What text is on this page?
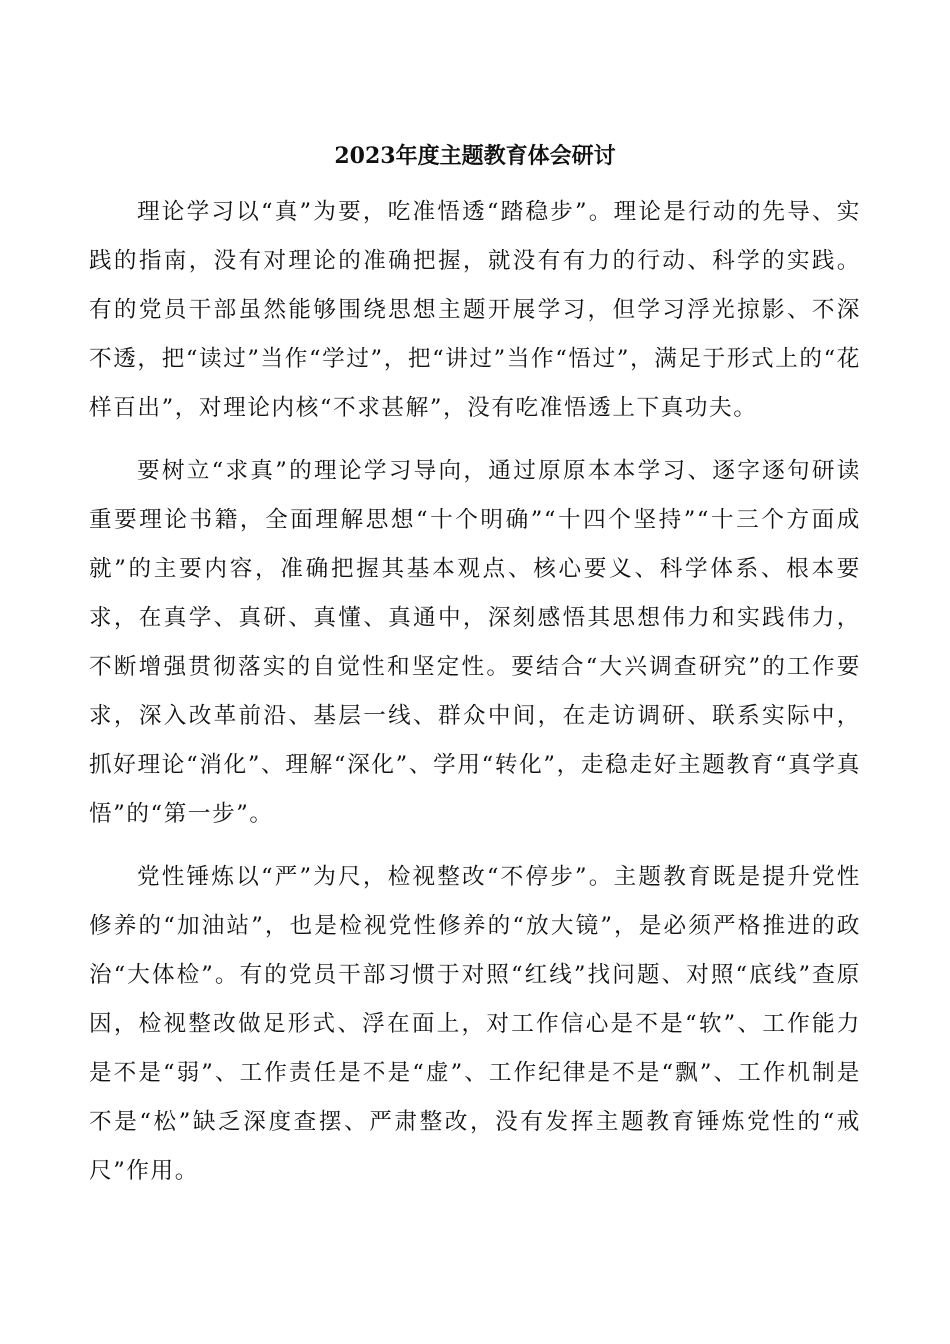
2023年度主题教育体会研讨

理论学习以“真”为要，吃准悟透“踏稳步”。理论是行动的先导、实践的指南，没有对理论的准确把握，就没有有力的行动、科学的实践。有的党员干部虽然能够围绕思想主题开展学习，但学习浮光掠影、不深不透，把“读过”当作“学过”，把“讲过”当作“悟过”，满足于形式上的“花样百出”，对理论内核“不求甚解”，没有吃准悟透上下真功夫。

要树立“求真”的理论学习导向，通过原原本本学习、逐字逐句研读重要理论书籍，全面理解思想“十个明确”“十四个坚持”“十三个方面成就”的主要内容，准确把握其基本观点、核心要义、科学体系、根本要求，在真学、真研、真懂、真通中，深刻感悟其思想伟力和实践伟力，不断增强贯彻落实的自觉性和坚定性。要结合“大兴调查研究”的工作要求，深入改革前沿、基层一线、群众中间，在走访调研、联系实际中，抓好理论“消化”、理解“深化”、学用“转化”，走稳走好主题教育“真学真悟”的“第一步”。

党性锤炼以“严”为尺，检视整改“不停步”。主题教育既是提升党性修养的“加油站”，也是检视党性修养的“放大镜”，是必须严格推进的政治“大体检”。有的党员干部习惯于对照“红线”找问题、对照“底线”查原因，检视整改做足形式、浮在面上，对工作信心是不是“软”、工作能力是不是“弱”、工作责任是不是“虚”、工作纪律是不是“飘”、工作机制是不是“松”缺乏深度查摆、严肃整改，没有发挥主题教育锤炼党性的“戒尺”作用。
